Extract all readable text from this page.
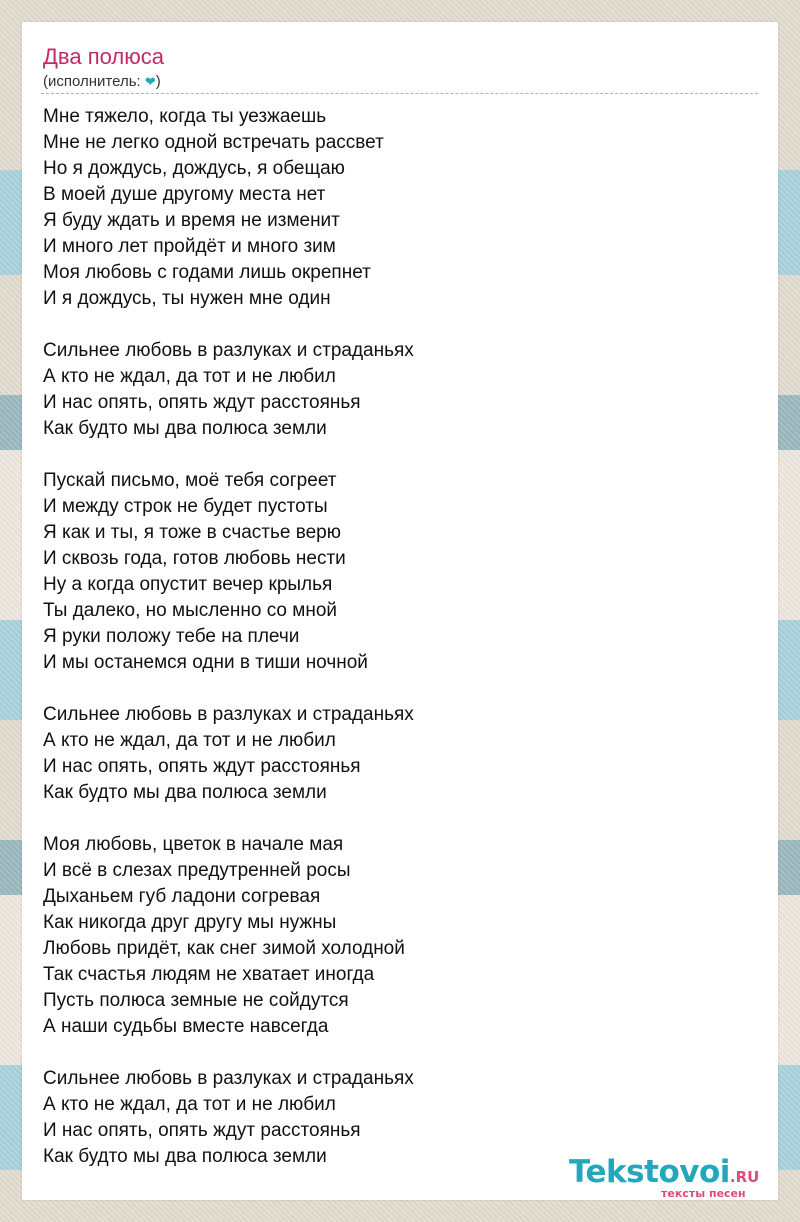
Два полюса
(исполнитель: ❤)
Мне тяжело, когда ты уезжаешь
Мне не легко одной встречать рассвет
Но я дождусь, дождусь, я обещаю
В моей душе другому места нет
Я буду ждать и время не изменит
И много лет пройдёт и много зим
Моя любовь с годами лишь окрепнет
И я дождусь, ты нужен мне один
Сильнее любовь в разлуках и страданьях
А кто не ждал, да тот и не любил
И нас опять, опять ждут расстоянья
Как будто мы два полюса земли
Пускай письмо, моё тебя согреет
И между строк не будет пустоты
Я как и ты, я тоже в счастье верю
И сквозь года, готов любовь нести
Ну а когда опустит вечер крылья
Ты далеко, но мысленно со мной
Я руки положу тебе на плечи
И мы останемся одни в тиши ночной
Сильнее любовь в разлуках и страданьях
А кто не ждал, да тот и не любил
И нас опять, опять ждут расстоянья
Как будто мы два полюса земли
Моя любовь, цветок в начале мая
И всё в слезах предутренней росы
Дыханьем губ ладони согревая
Как никогда друг другу мы нужны
Любовь придёт, как снег зимой холодной
Так счастья людям не хватает иногда
Пусть полюса земные не сойдутся
А наши судьбы вместе навсегда
Сильнее любовь в разлуках и страданьях
А кто не ждал, да тот и не любил
И нас опять, опять ждут расстоянья
Как будто мы два полюса земли	Tekstovoi.RU
тексты песен
